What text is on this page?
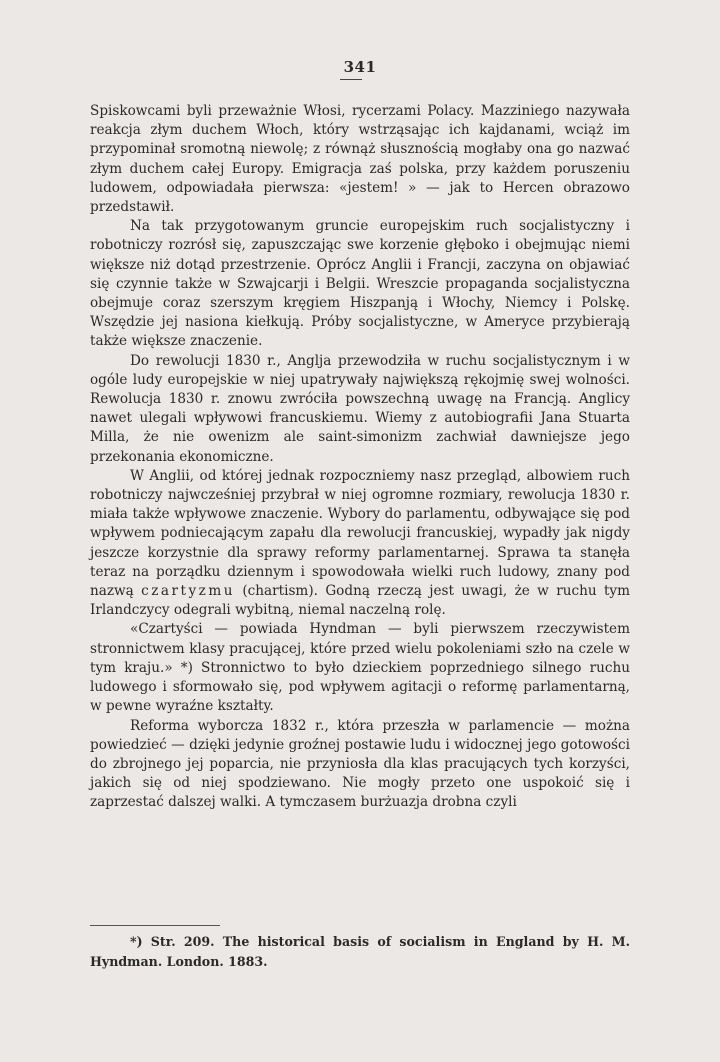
341

Spiskowcami byli przeważnie Włosi, rycerzami Polacy. Mazziniego nazywała reakcja złym duchem Włoch, który wstrząsając ich kajdanami, wciąż im przypominał sromotną niewolę; z równąż słusznością mogłaby ona go nazwać złym duchem całej Europy. Emigracja zaś polska, przy każdem poruszeniu ludowem, odpowiadała pierwsza: «jestem! » — jak to Hercen obrazowo przedstawił.

Na tak przygotowanym gruncie europejskim ruch socjalistyczny i robotniczy rozrósł się, zapuszczając swe korzenie głęboko i obejmując niemi większe niż dotąd przestrzenie. Oprócz Anglii i Francji, zaczyna on objawiać się czynnie także w Szwajcarji i Belgii. Wreszcie propaganda socjalistyczna obejmuje coraz szerszym kręgiem Hiszpanją i Włochy, Niemcy i Polskę. Wszędzie jej nasiona kiełkują. Próby socjalistyczne, w Ameryce przybierają także większe znaczenie.

Do rewolucji 1830 r., Anglja przewodziła w ruchu socjalistycznym i w ogóle ludy europejskie w niej upatrywały największą rękojmię swej wolności. Rewolucja 1830 r. znowu zwróciła powszechną uwagę na Francją. Anglicy nawet ulegali wpływowi francuskiemu. Wiemy z autobiografii Jana Stuarta Milla, że nie owenizm ale saint-simonizm zachwiał dawniejsze jego przekonania ekonomiczne.

W Anglii, od której jednak rozpoczniemy nasz przegląd, albowiem ruch robotniczy najwcześniej przybrał w niej ogromne rozmiary, rewolucja 1830 r. miała także wpływowe znaczenie. Wybory do parlamentu, odbywające się pod wpływem podniecającym zapału dla rewolucji francuskiej, wypadły jak nigdy jeszcze korzystnie dla sprawy reformy parlamentarnej. Sprawa ta stanęła teraz na porządku dziennym i spowodowała wielki ruch ludowy, znany pod nazwą czartyzmu (chartism). Godną rzeczą jest uwagi, że w ruchu tym Irlandczycy odegrali wybitną, niemal naczelną rolę.

«Czartyści — powiada Hyndman — byli pierwszem rzeczywistem stronnictwem klasy pracującej, które przed wielu pokoleniami szło na czele w tym kraju.» *) Stronnictwo to było dzieckiem poprzedniego silnego ruchu ludowego i sformowało się, pod wpływem agitacji o reformę parlamentarną, w pewne wyraźne kształty.

Reforma wyborcza 1832 r., która przeszła w parlamencie — można powiedzieć — dzięki jedynie groźnej postawie ludu i widocznej jego gotowości do zbrojnego jej poparcia, nie przyniosła dla klas pracujących tych korzyści, jakich się od niej spodziewano. Nie mogły przeto one uspokoić się i zaprzestać dalszej walki. A tymczasem burżuazja drobna czyli

*) Str. 209. The historical basis of socialism in England by H. M. Hyndman. London. 1883.
